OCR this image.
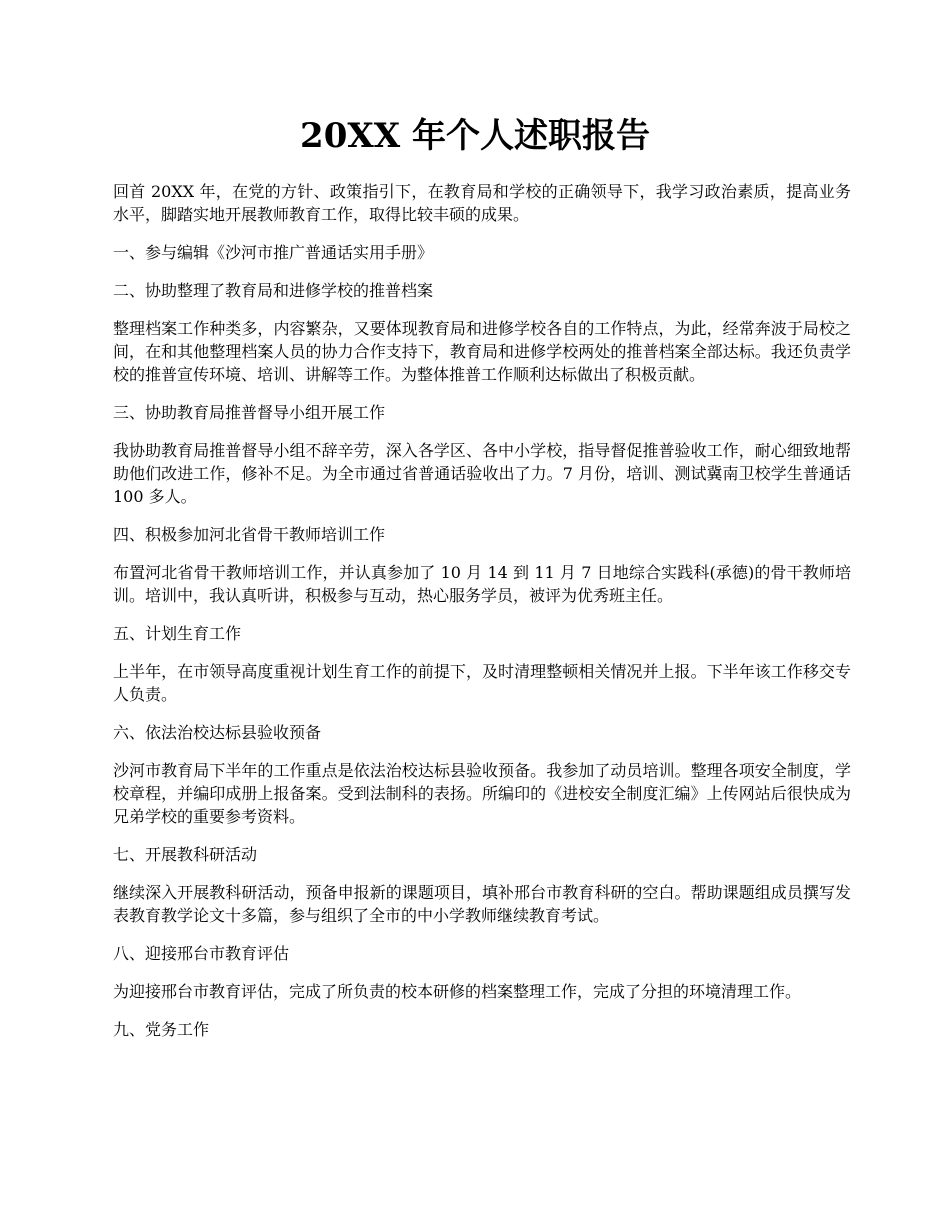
20XX 年个人述职报告

回首 20XX 年，在党的方针、政策指引下，在教育局和学校的正确领导下，我学习政治素质，提高业务水平，脚踏实地开展教师教育工作，取得比较丰硕的成果。

一、参与编辑《沙河市推广普通话实用手册》

二、协助整理了教育局和进修学校的推普档案

整理档案工作种类多，内容繁杂，又要体现教育局和进修学校各自的工作特点，为此，经常奔波于局校之间，在和其他整理档案人员的协力合作支持下，教育局和进修学校两处的推普档案全部达标。我还负责学校的推普宣传环境、培训、讲解等工作。为整体推普工作顺利达标做出了积极贡献。

三、协助教育局推普督导小组开展工作

我协助教育局推普督导小组不辞辛劳，深入各学区、各中小学校，指导督促推普验收工作，耐心细致地帮助他们改进工作，修补不足。为全市通过省普通话验收出了力。7 月份，培训、测试冀南卫校学生普通话 100 多人。

四、积极参加河北省骨干教师培训工作

布置河北省骨干教师培训工作，并认真参加了 10 月 14 到 11 月 7 日地综合实践科(承德)的骨干教师培训。培训中，我认真听讲，积极参与互动，热心服务学员，被评为优秀班主任。

五、计划生育工作

上半年，在市领导高度重视计划生育工作的前提下，及时清理整顿相关情况并上报。下半年该工作移交专人负责。

六、依法治校达标县验收预备

沙河市教育局下半年的工作重点是依法治校达标县验收预备。我参加了动员培训。整理各项安全制度，学校章程，并编印成册上报备案。受到法制科的表扬。所编印的《进校安全制度汇编》上传网站后很快成为兄弟学校的重要参考资料。

七、开展教科研活动

继续深入开展教科研活动，预备申报新的课题项目，填补邢台市教育科研的空白。帮助课题组成员撰写发表教育教学论文十多篇，参与组织了全市的中小学教师继续教育考试。

八、迎接邢台市教育评估

为迎接邢台市教育评估，完成了所负责的校本研修的档案整理工作，完成了分担的环境清理工作。

九、党务工作
